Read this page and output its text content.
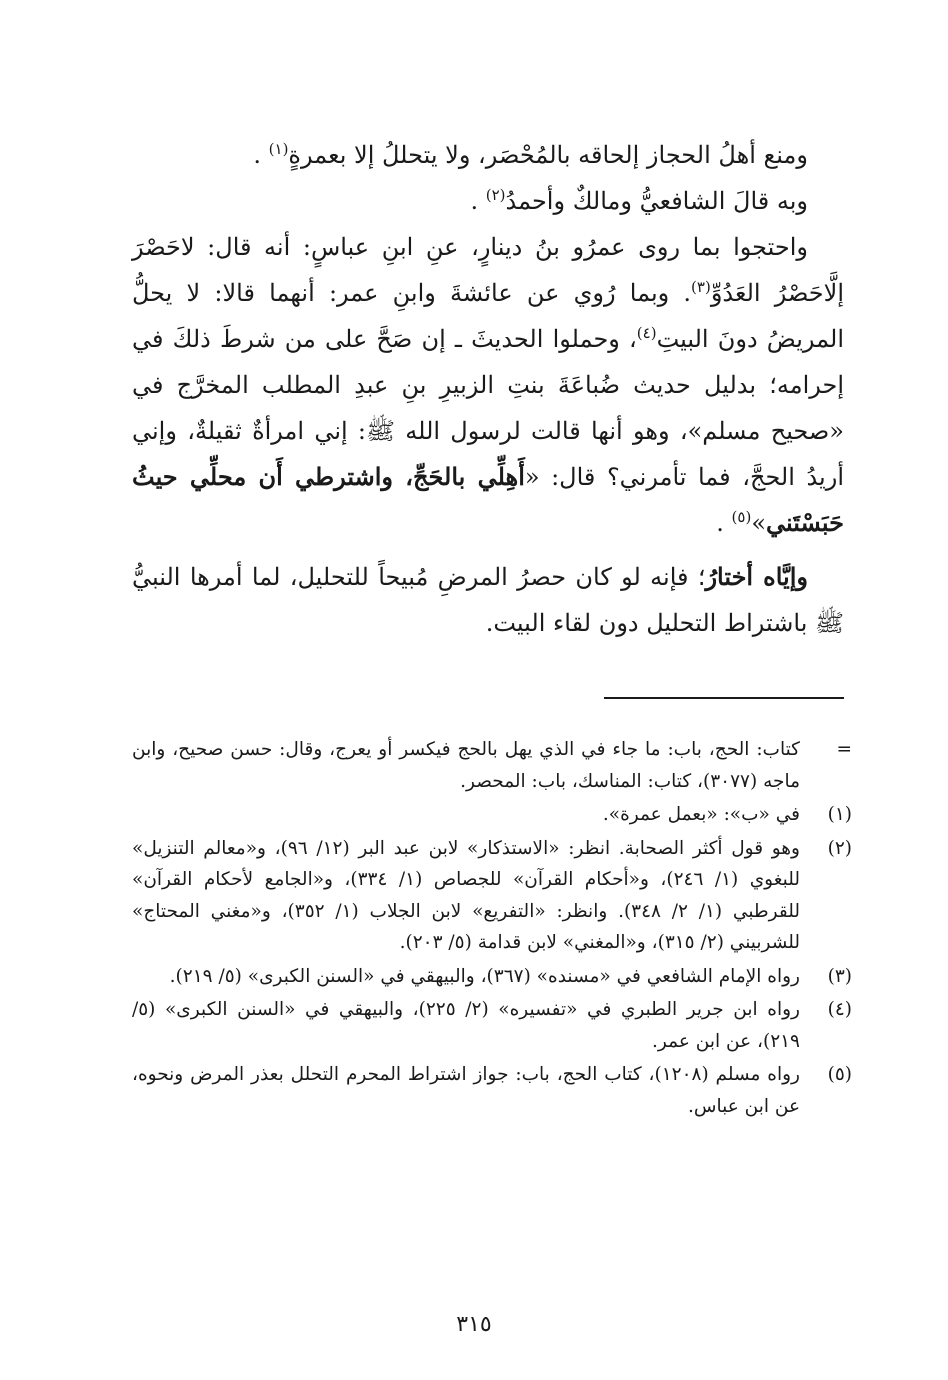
ومنع أهلُ الحجاز إلحاقه بالمُحْصَر، ولا يتحللُ إلا بعمرةٍ$^{(١)}$ .

وبه قالَ الشافعيُّ ومالكٌ وأحمدُ$^{(٢)}$ .

واحتجوا بما روى عمرُو بنُ دينارٍ، عنِ ابنِ عباسٍ: أنه قال: لاحَصْرَ إلَّاحَصْرُ العَدُوِّ$^{(٣)}$. وبما رُوي عن عائشةَ وابنِ عمر: أنهما قالا: لا يحلُّ المريضُ دونَ البيتِ$^{(٤)}$، وحملوا الحديثَ ـ إن صَحَّ على من شرطَ ذلكَ في إحرامه؛ بدليل حديث ضُباعَةَ بنتِ الزبيرِ بنِ عبدِ المطلب المخرَّج في «صحيح مسلم»، وهو أنها قالت لرسول الله ﷺ: إني امرأةٌ ثقيلةٌ، وإني أريدُ الحجَّ، فما تأمرني؟ قال: «أَهِلِّي بالحَجِّ، واشترطي أَن محلِّي حيثُ حَبَسْتَني»$^{(٥)}$ .

وإيَّاه أختارُ؛ فإنه لو كان حصرُ المرضِ مُبيحاً للتحليل، لما أمرها النبيُّ ﷺ باشتراط التحليل دون لقاء البيت.

=
كتاب: الحج، باب: ما جاء في الذي يهل بالحج فيكسر أو يعرج، وقال: حسن صحيح، وابن ماجه (٣٠٧٧)، كتاب: المناسك، باب: المحصر.
(١)
في «ب»: «بعمل عمرة».
(٢)
وهو قول أكثر الصحابة. انظر: «الاستذكار» لابن عبد البر (١٢/ ٩٦)، و«معالم التنزيل» للبغوي (١/ ٢٤٦)، و«أحكام القرآن» للجصاص (١/ ٣٣٤)، و«الجامع لأحكام القرآن» للقرطبي (١/ ٢/ ٣٤٨). وانظر: «التفريع» لابن الجلاب (١/ ٣٥٢)، و«مغني المحتاج» للشربيني (٢/ ٣١٥)، و«المغني» لابن قدامة (٥/ ٢٠٣).
(٣)
رواه الإمام الشافعي في «مسنده» (٣٦٧)، والبيهقي في «السنن الكبرى» (٥/ ٢١٩).
(٤)
رواه ابن جرير الطبري في «تفسيره» (٢/ ٢٢٥)، والبيهقي في «السنن الكبرى» (٥/ ٢١٩)، عن ابن عمر.
(٥)
رواه مسلم (١٢٠٨)، كتاب الحج، باب: جواز اشتراط المحرم التحلل بعذر المرض ونحوه، عن ابن عباس.
٣١٥
